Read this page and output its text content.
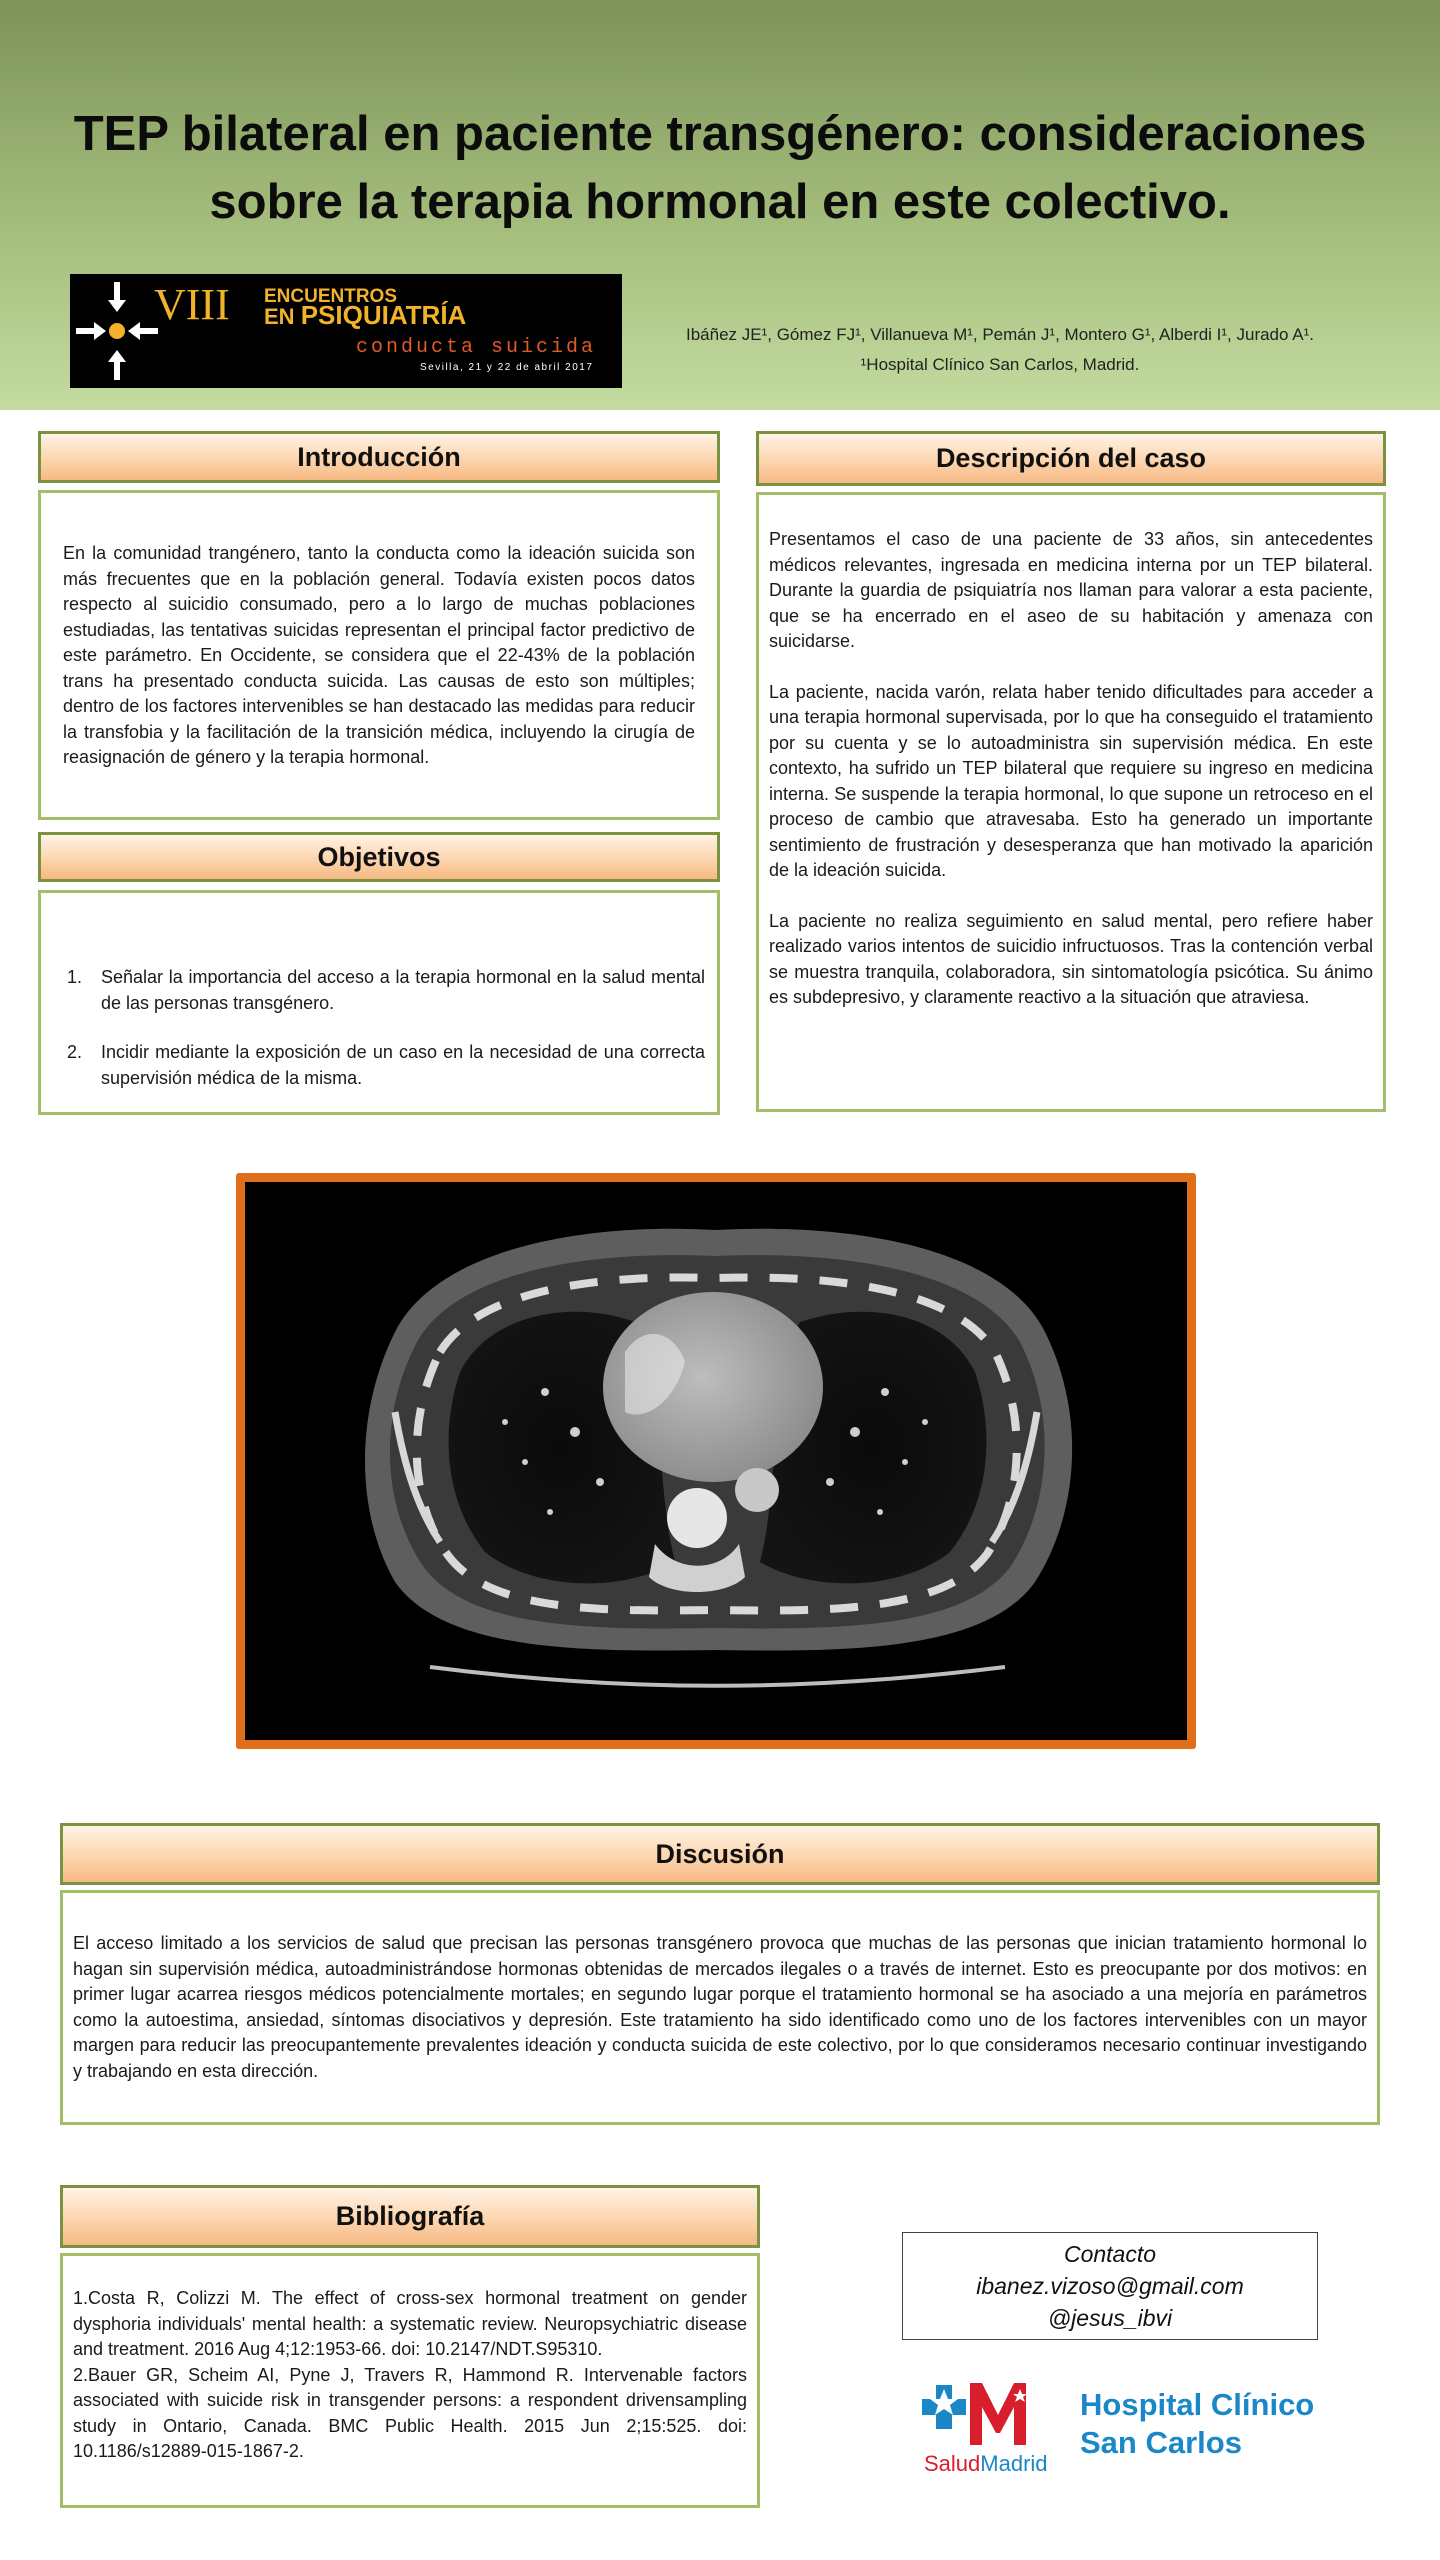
TEP bilateral en paciente transgénero: consideraciones
sobre la terapia hormonal en este colectivo.
VIII ENCUENTROS
EN PSIQUIATRÍA
conducta suicida
Sevilla, 21 y 22 de abril 2017
Ibáñez JE¹, Gómez FJ¹, Villanueva M¹, Pemán J¹, Montero G¹, Alberdi I¹, Jurado A¹.
¹Hospital Clínico San Carlos, Madrid.
Introducción
En la comunidad trangénero, tanto la conducta como la ideación suicida son más frecuentes que en la población general. Todavía existen pocos datos respecto al suicidio consumado, pero a lo largo de muchas poblaciones estudiadas, las tentativas suicidas representan el principal factor predictivo de este parámetro. En Occidente, se considera que el 22-43% de la población trans ha presentado conducta suicida. Las causas de esto son múltiples; dentro de los factores intervenibles se han destacado las medidas para reducir la transfobia y la facilitación de la transición médica, incluyendo la cirugía de reasignación de género y la terapia hormonal.
Objetivos
1. Señalar la importancia del acceso a la terapia hormonal en la salud mental de las personas transgénero.
2. Incidir mediante la exposición de un caso en la necesidad de una correcta supervisión médica de la misma.
Descripción del caso

Presentamos el caso de una paciente de 33 años, sin antecedentes médicos relevantes, ingresada en medicina interna por un TEP bilateral. Durante la guardia de psiquiatría nos llaman para valorar a esta paciente, que se ha encerrado en el aseo de su habitación y amenaza con suicidarse.

La paciente, nacida varón, relata haber tenido dificultades para acceder a una terapia hormonal supervisada, por lo que ha conseguido el tratamiento por su cuenta y se lo autoadministra sin supervisión médica. En este contexto, ha sufrido un TEP bilateral que requiere su ingreso en medicina interna. Se suspende la terapia hormonal, lo que supone un retroceso en el proceso de cambio que atravesaba. Esto ha generado un importante sentimiento de frustración y desesperanza que han motivado la aparición de la ideación suicida.

La paciente no realiza seguimiento en salud mental, pero refiere haber realizado varios intentos de suicidio infructuosos. Tras la contención verbal se muestra tranquila, colaboradora, sin sintomatología psicótica. Su ánimo es subdepresivo, y claramente reactivo a la situación que atraviesa.

Discusión
El acceso limitado a los servicios de salud que precisan las personas transgénero provoca que muchas de las personas que inician tratamiento hormonal lo hagan sin supervisión médica, autoadministrándose hormonas obtenidas de mercados ilegales o a través de internet. Esto es preocupante por dos motivos: en primer lugar acarrea riesgos médicos potencialmente mortales; en segundo lugar porque el tratamiento hormonal se ha asociado a una mejoría en parámetros como la autoestima, ansiedad, síntomas disociativos y depresión. Este tratamiento ha sido identificado como uno de los factores intervenibles con un mayor margen para reducir las preocupantemente prevalentes ideación y conducta suicida de este colectivo, por lo que consideramos necesario continuar investigando y trabajando en esta dirección.
Bibliografía

1.Costa R, Colizzi M. The effect of cross-sex hormonal treatment on gender dysphoria individuals' mental health: a systematic review. Neuropsychiatric disease and treatment. 2016 Aug 4;12:1953-66. doi: 10.2147/NDT.S95310.

2.Bauer GR, Scheim AI, Pyne J, Travers R, Hammond R. Intervenable factors associated with suicide risk in transgender persons: a respondent drivensampling study in Ontario, Canada. BMC Public Health. 2015 Jun 2;15:525. doi: 10.1186/s12889-015-1867-2.

Contacto
ibanez.vizoso@gmail.com
@jesus_ibvi
SaludMadrid
Hospital Clínico
San Carlos
